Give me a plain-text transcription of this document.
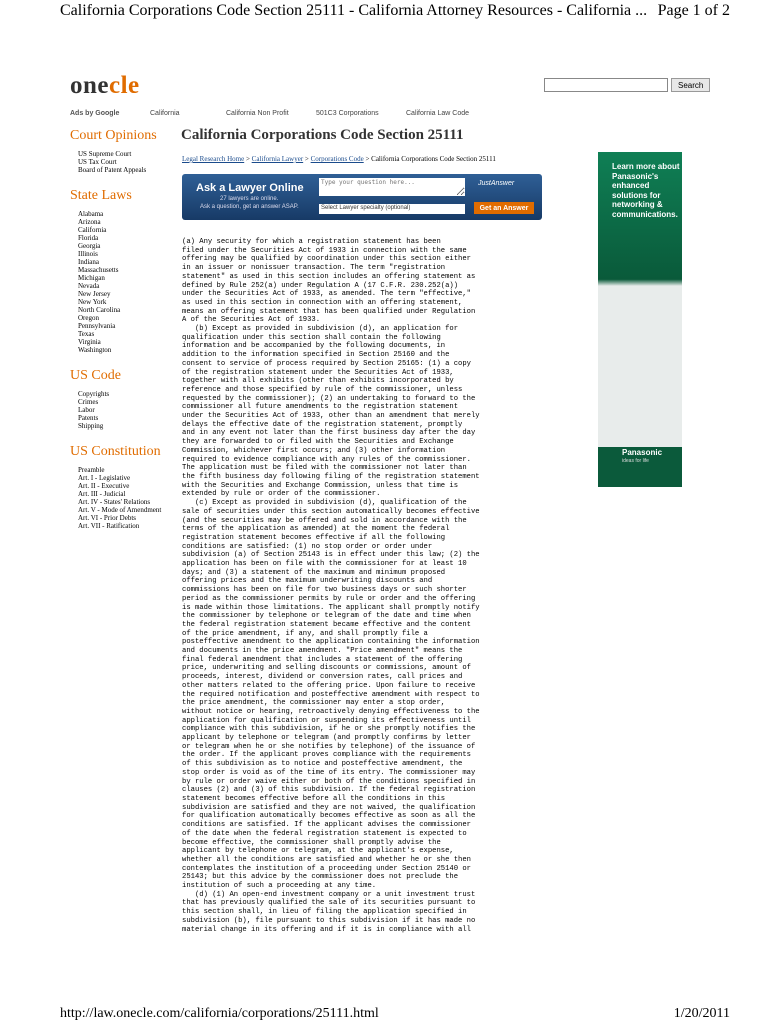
California Corporations Code Section 25111 - California Attorney Resources - California ... Page 1 of 2
onecle	Search
Ads by Google	California	California Non Profit	501C3 Corporations	California Law Code
Court Opinions
US Supreme Court
US Tax Court
Board of Patent Appeals
State Laws
Alabama
Arizona
California
Florida
Georgia
Illinois
Indiana
Massachusetts
Michigan
Nevada
New Jersey
New York
North Carolina
Oregon
Pennsylvania
Texas
Virginia
Washington
US Code
Copyrights
Crimes
Labor
Patents
Shipping
US Constitution
Preamble
Art. I - Legislative
Art. II - Executive
Art. III - Judicial
Art. IV - States' Relations
Art. V - Mode of Amendment
Art. VI - Prior Debts
Art. VII - Ratification
California Corporations Code Section 25111
Legal Research Home > California Lawyer > Corporations Code > California Corporations Code Section 25111
Ask a Lawyer Online
27 lawyers are online.
Ask a question, get an answer ASAP.
Type your question here...	Select Lawyer specialty (optional)
JustAnswer
Get an Answer
(a) Any security for which a registration statement has been
filed under the Securities Act of 1933 in connection with the same
offering may be qualified by coordination under this section either
in an issuer or nonissuer transaction. The term "registration
statement" as used in this section includes an offering statement as
defined by Rule 252(a) under Regulation A (17 C.F.R. 230.252(a))
under the Securities Act of 1933, as amended. The term "effective,"
as used in this section in connection with an offering statement,
means an offering statement that has been qualified under Regulation
A of the Securities Act of 1933.
(b) Except as provided in subdivision (d), an application for
qualification under this section shall contain the following
information and be accompanied by the following documents, in
addition to the information specified in Section 25160 and the
consent to service of process required by Section 25165: (1) a copy
of the registration statement under the Securities Act of 1933,
together with all exhibits (other than exhibits incorporated by
reference and those specified by rule of the commissioner, unless
requested by the commissioner); (2) an undertaking to forward to the
commissioner all future amendments to the registration statement
under the Securities Act of 1933, other than an amendment that merely
delays the effective date of the registration statement, promptly
and in any event not later than the first business day after the day
they are forwarded to or filed with the Securities and Exchange
Commission, whichever first occurs; and (3) other information
required to evidence compliance with any rules of the commissioner.
The application must be filed with the commissioner not later than
the fifth business day following filing of the registration statement
with the Securities and Exchange Commission, unless that time is
extended by rule or order of the commissioner.
(c) Except as provided in subdivision (d), qualification of the
sale of securities under this section automatically becomes effective
(and the securities may be offered and sold in accordance with the
terms of the application as amended) at the moment the federal
registration statement becomes effective if all the following
conditions are satisfied: (1) no stop order or order under
subdivision (a) of Section 25143 is in effect under this law; (2) the
application has been on file with the commissioner for at least 10
days; and (3) a statement of the maximum and minimum proposed
offering prices and the maximum underwriting discounts and
commissions has been on file for two business days or such shorter
period as the commissioner permits by rule or order and the offering
is made within those limitations. The applicant shall promptly notify
the commissioner by telephone or telegram of the date and time when
the federal registration statement became effective and the content
of the price amendment, if any, and shall promptly file a
posteffective amendment to the application containing the information
and documents in the price amendment. "Price amendment" means the
final federal amendment that includes a statement of the offering
price, underwriting and selling discounts or commissions, amount of
proceeds, interest, dividend or conversion rates, call prices and
other matters related to the offering price. Upon failure to receive
the required notification and posteffective amendment with respect to
the price amendment, the commissioner may enter a stop order,
without notice or hearing, retroactively denying effectiveness to the
application for qualification or suspending its effectiveness until
compliance with this subdivision, if he or she promptly notifies the
applicant by telephone or telegram (and promptly confirms by letter
or telegram when he or she notifies by telephone) of the issuance of
the order. If the applicant proves compliance with the requirements
of this subdivision as to notice and posteffective amendment, the
stop order is void as of the time of its entry. The commissioner may
by rule or order waive either or both of the conditions specified in
clauses (2) and (3) of this subdivision. If the federal registration
statement becomes effective before all the conditions in this
subdivision are satisfied and they are not waived, the qualification
for qualification automatically becomes effective as soon as all the
conditions are satisfied. If the applicant advises the commissioner
of the date when the federal registration statement is expected to
become effective, the commissioner shall promptly advise the
applicant by telephone or telegram, at the applicant's expense,
whether all the conditions are satisfied and whether he or she then
contemplates the institution of a proceeding under Section 25140 or
25143; but this advice by the commissioner does not preclude the
institution of such a proceeding at any time.
(d) (1) An open-end investment company or a unit investment trust
that has previously qualified the sale of its securities pursuant to
this section shall, in lieu of filing the application specified in
subdivision (b), file pursuant to this subdivision if it has made no
material change in its offering and if it is in compliance with all
Learn more about Panasonic's enhanced solutions for networking & communications.
Panasonic
ideas for life
http://law.onecle.com/california/corporations/25111.html	1/20/2011
